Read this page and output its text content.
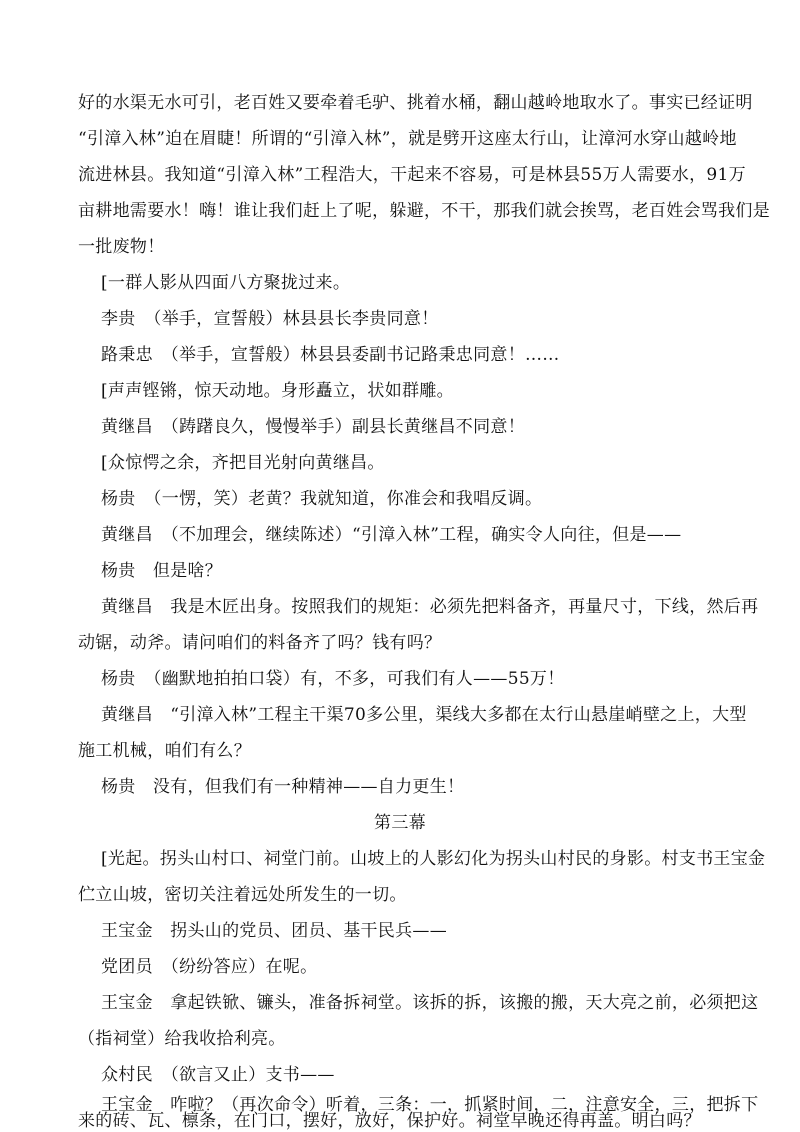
好的水渠无水可引，老百姓又要牵着毛驴、挑着水桶，翻山越岭地取水了。事实已经证明
“引漳入林”迫在眉睫！所谓的“引漳入林”，就是劈开这座太行山，让漳河水穿山越岭地
流进林县。我知道“引漳入林”工程浩大，干起来不容易，可是林县55万人需要水，91万
亩耕地需要水！嗨！谁让我们赶上了呢，躲避，不干，那我们就会挨骂，老百姓会骂我们是
一批废物！
[一群人影从四面八方聚拢过来。
李贵　（举手，宣誓般）林县县长李贵同意！
路秉忠　（举手，宣誓般）林县县委副书记路秉忠同意！……
[声声铿锵，惊天动地。身形矗立，状如群雕。
黄继昌　（踌躇良久，慢慢举手）副县长黄继昌不同意！
[众惊愕之余，齐把目光射向黄继昌。
杨贵　（一愣，笑）老黄？我就知道，你准会和我唱反调。
黄继昌　（不加理会，继续陈述）“引漳入林”工程，确实令人向往，但是——
杨贵　但是啥？
黄继昌　我是木匠出身。按照我们的规矩：必须先把料备齐，再量尺寸，下线，然后再
动锯，动斧。请问咱们的料备齐了吗？钱有吗？
杨贵　（幽默地拍拍口袋）有，不多，可我们有人——55万！
黄继昌　“引漳入林”工程主干渠70多公里，渠线大多都在太行山悬崖峭壁之上，大型
施工机械，咱们有么？
杨贵　没有，但我们有一种精神——自力更生！
第三幕
[光起。拐头山村口、祠堂门前。山坡上的人影幻化为拐头山村民的身影。村支书王宝金
伫立山坡，密切关注着远处所发生的一切。
王宝金　拐头山的党员、团员、基干民兵——
党团员　（纷纷答应）在呢。
王宝金　拿起铁锨、镰头，准备拆祠堂。该拆的拆，该搬的搬，天大亮之前，必须把这
（指祠堂）给我收拾利亮。
众村民　（欲言又止）支书——
王宝金　咋啦？（再次命令）听着，三条：一，抓紧时间，二，注意安全，三，把拆下
来的砖、瓦、檩条，在门口，摆好，放好，保护好。祠堂早晚还得再盖。明白吗？
